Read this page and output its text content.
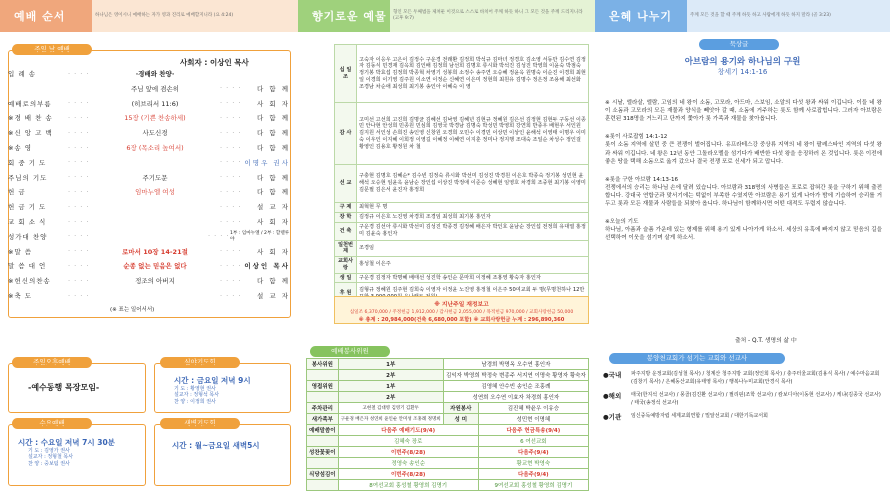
예배 순서	하나님은 영이시니 예배하는 자가 영과 진리로 예배할지니라 (요 4:24)
주일 낮 예배
사회자 : 이상인 목사
입 례 송	· · · ·	·경배와 찬양·
주님 앞에 겸손히	· · · ·	다 함 께
예배로의부름	· · · ·	(히브리서 11:6)	· · · ·	사 회 자
※경 배 찬 송	· · · ·	15장 (기쁜 찬송하세)	· · · ·	다 함 께
※신 앙 고 백	· · · ·	사도신경	· · · ·	다 함 께
※송 영	· · · ·	6장 (목소리 높여서)	· · · ·	다 함 께
회 중 기 도	· · · ·	· · · · 이명우 권사
주님의 기도	· · · ·	주기도문	· · · ·	다 함 께
헌 금	· · · ·	임마누엘 여성	· · · ·	다 함 께
헌 금 기 도	· · · ·	· · · ·	설 교 자
교 회 소 식	· · · ·	· · · ·	사 회 자
성가대 찬양	· · · ·	· · · · 1부 : 임마누엘 / 2부 : 할렐루야
※말 씀	· · · ·	로마서 10장 14-21절	· · · ·	사 회 자
말 씀 대 언	· · · ·	순종 없는 믿음은 없다	· · · · 이상인 목사
※헌신의찬송	· · · ·	정조의 아버지	· · · ·	다 함 께
※축 도	· · · ·	· · · ·	설 교 자
(※ 표는 일어서서)
주일오후예배
-예수동행 목장모임-
심야기도회
시간 : 금요일 저녁 9시
기 도 : 황영현 권사
설교자 : 정형석 목사
찬 양 : 이정희 권사
수요예배
시간 : 수요일 저녁 7시 30분
기 도 : 김영가 권사
설교자 : 정형철 목사
찬 양 : 중보팀 권사
새벽기도회
시간 : 월~금요일 새벽5시
향기로운 예물	형인 모든 두째법을 제쳐둔 이것으로 스스로 바치어 주께 하듯 하니 그 모든 것을 주께 드리지니라 (고후 9:7)
십 일 조	고숙자 이응우 고은이 김정수 구운경 전래환 김정희 박석규 김마녀 정경호 김소영 서동만 김수연 김정자 김동식 민경재 김옥희 김인배 김정희 남선희 김명호 류시화 박석진 김성진 박영희 이윤숙 박점숙 정기봉 박효섭 김정희 박종혁 차영기 성봉희 소정수 송주연 오승혜 정윤옥 원명숙 이순진 이경희 최현일 이경희 이기영 김주원 이소연 이정순 신혜연 이은미 정현희 최원유 김명수 정은정 조용해 최선화 조경남 차순애 최성희 최기봉 송인아 이혜숙 이 영
감 사	고미선 고선희 고진희 김명균 김혜선 김낙영 김혜년 김현규 정혜원 김은선 김정현 김현두 구동선 이종민 안나현 안성희 민종원 민심희 김영국 박경남 김명숙 박성민 박영희 강연희 반종우 배현우 서인원 김지원 서인성 손희진 송인영 신창원 오경희 오민수 이경민 이상민 이상인 윤해석 이영태 이명우 이미숙 이우인 이지혜 이희정 이영길 이혜정 이혜연 이지훈 정미나 정지행 조대숙 조일순 차성수 정인걸 황영인 김용호 황정원 차 철
선 교	구충현 김명호 김혜순* 김수빈 김정숙 류시화 박선미 김성진 박경원 이은호 박종숙 정기봉 성민현 윤해석 오승현 임윤옥 윤남순 장인섭 이상진 박정애 이준승 성혜현 임영호 차경희 조중현 최기봉 이영미 김문필 김은서 윤진자 홍정희
구 제	최혁현 무 명
장 학	김정규 이은호 노진영 차경희 조경임 최성희 최기봉 홍인자
건 축	구운경 김선아 류시화 박선미 김성진 박종경 김정혜 배은자 박인호 윤남순 장인섭 전정희 유대열 홍정미 김윤숙 홍인자
일천번제	조경임
교회사랑	홍성철 이은주
생 일	구운경 김정자 박명혜 배태선 성진학 송인순 문마희 이정혜 조홍영 황숙자 홍인자
후 원	김형규 정혜원 김주현 김희숙 이영자 이정윤 노진영 홍정철 이은주 50여교회 두 명(무명천하나 12만
※ 지난주일 재정보고
십일조 6,370,000 / 주정헌금 1,912,000 / 감사헌금 2,055,000 / 목적헌금 970,000 / 교회사랑헌금 50,000
※ 총계 : 20,984,000(건축 6,680,000 포함) ※ 교회사랑헌금 누계 : 296,890,360
예배봉사위원
봉사위원	1부	남경희 박명옥 오수연 홍인자	
	2부	김익자 박영희 박정숙 변종주 서지연 이명숙 황영자 황숙자	
영접위원	1부	김영혜 안수빈 송인순 조홍례	
	2부	성연희 오수연 이효자 차경희 홍인자	
주차관리	고현철 김대영 김영기 김환두	자원봉사	김진혜 박윤우 이유승
새가족부	구운경 배은자 성연희 윤인순 안미성 조홍례 정명희	성 미	성민현 이명혜
예배말씀이	다음주 예배기도(9/4)		다음주 헌금특송(9/4)
	김혜숙 장로		6 여선교회
성찬꽃꽂이	이번주(8/28)		다음주(9/4)
	정영숙 송인순		황교현 박영숙
식당섬김이	이번주(8/28)		다음주(9/4)
	8여선교회 홍성철 황영희 김명기		9여선교회 홍성철 황영희 김명기
은혜 나누기	주께 모든 것을 할 때 주께 하듯 하고 사람에게 하듯 하지 말라 (골 3:23)
묵상글
아브람의 용기와 하나님의 구원
창세기 14:1-16

※ 시날, 엘라살, 엘람, 고임의 네 왕이 소돔, 고모라, 아드마, 스보임, 소알의 다섯 왕과 싸워 이깁니다. 이들 네 왕이 소돔과 고모라의 모든 재물과 양식을 빼앗아 갈 때, 소돔에 거주하는 롯도 함께 사로잡힙니다. 그러자 아브람은 훈련된 318명을 거느리고 단까지 쫓아가 롯 가족과 재물을 찾아옵니다.

※롯이 사로잡힘 14:1-12
롯이 소돔 지역에 살던 중 큰 전쟁이 벌어집니다. 유프라테스강 중상류 지역의 네 왕이 팔레스타인 지역의 다섯 왕과 싸워 이깁니다. 네 왕은 12년 동안 그돌라오멜을 섬기다가 배반한 다섯 왕을 응징하러 온 것입니다. 롯은 이전에 좋은 땅을 택해 소돔으로 옮겨 갔으나 결국 전쟁 포로 신세가 되고 맙니다.

※롯을 구한 아브람 14:13-16
전쟁에서의 승리는 하나님 손에 달려 있습니다. 아브람과 318명의 사병들은 포로로 잡혀간 롯을 구하기 위해 출전합니다. 강대국 연합군과 맞서기에는 턱없이 부족한 수였지만 아브람은 용기 있게 나아가 밤에 기습하여 승리를 거두고 롯과 모든 재물과 사람들을 되찾아 옵니다. 하나님이 함께하시면 어떤 대적도 두렵지 않습니다.

※오늘의 기도
하나님, 아픔과 슬픔 가운데 있는 형제를 위해 용기 있게 나아가게 하소서. 세상의 유혹에 빠지지 않고 믿음의 길을 선택하여 이웃을 섬기며 살게 하소서.

출처 - Q.T. 생명의 삶 中
봉양천교회가 섬기는 교회와 선교사
●국내	파주지방 운정교회(김성철 목사) / 청계산 청주지방 교회(정인희 목사) / 충주터울교회(김용식 목사) / 예수마음교회(김창기 목사) / 은혜동산교회(유태영 목사) / 행복나누미교회(안경식 목사)
●해외	태국(한지석 선교사) / 몽골(김진환 선교사) / 필리핀(조학 선교사) / 캄보디아(이동현 선교사) / 케냐(김종국 선교사) / 태국(송정석 선교사)
●기관	임신중독예방자립 세계교회연합 / 밀알선교회 / 대한기독교서회
